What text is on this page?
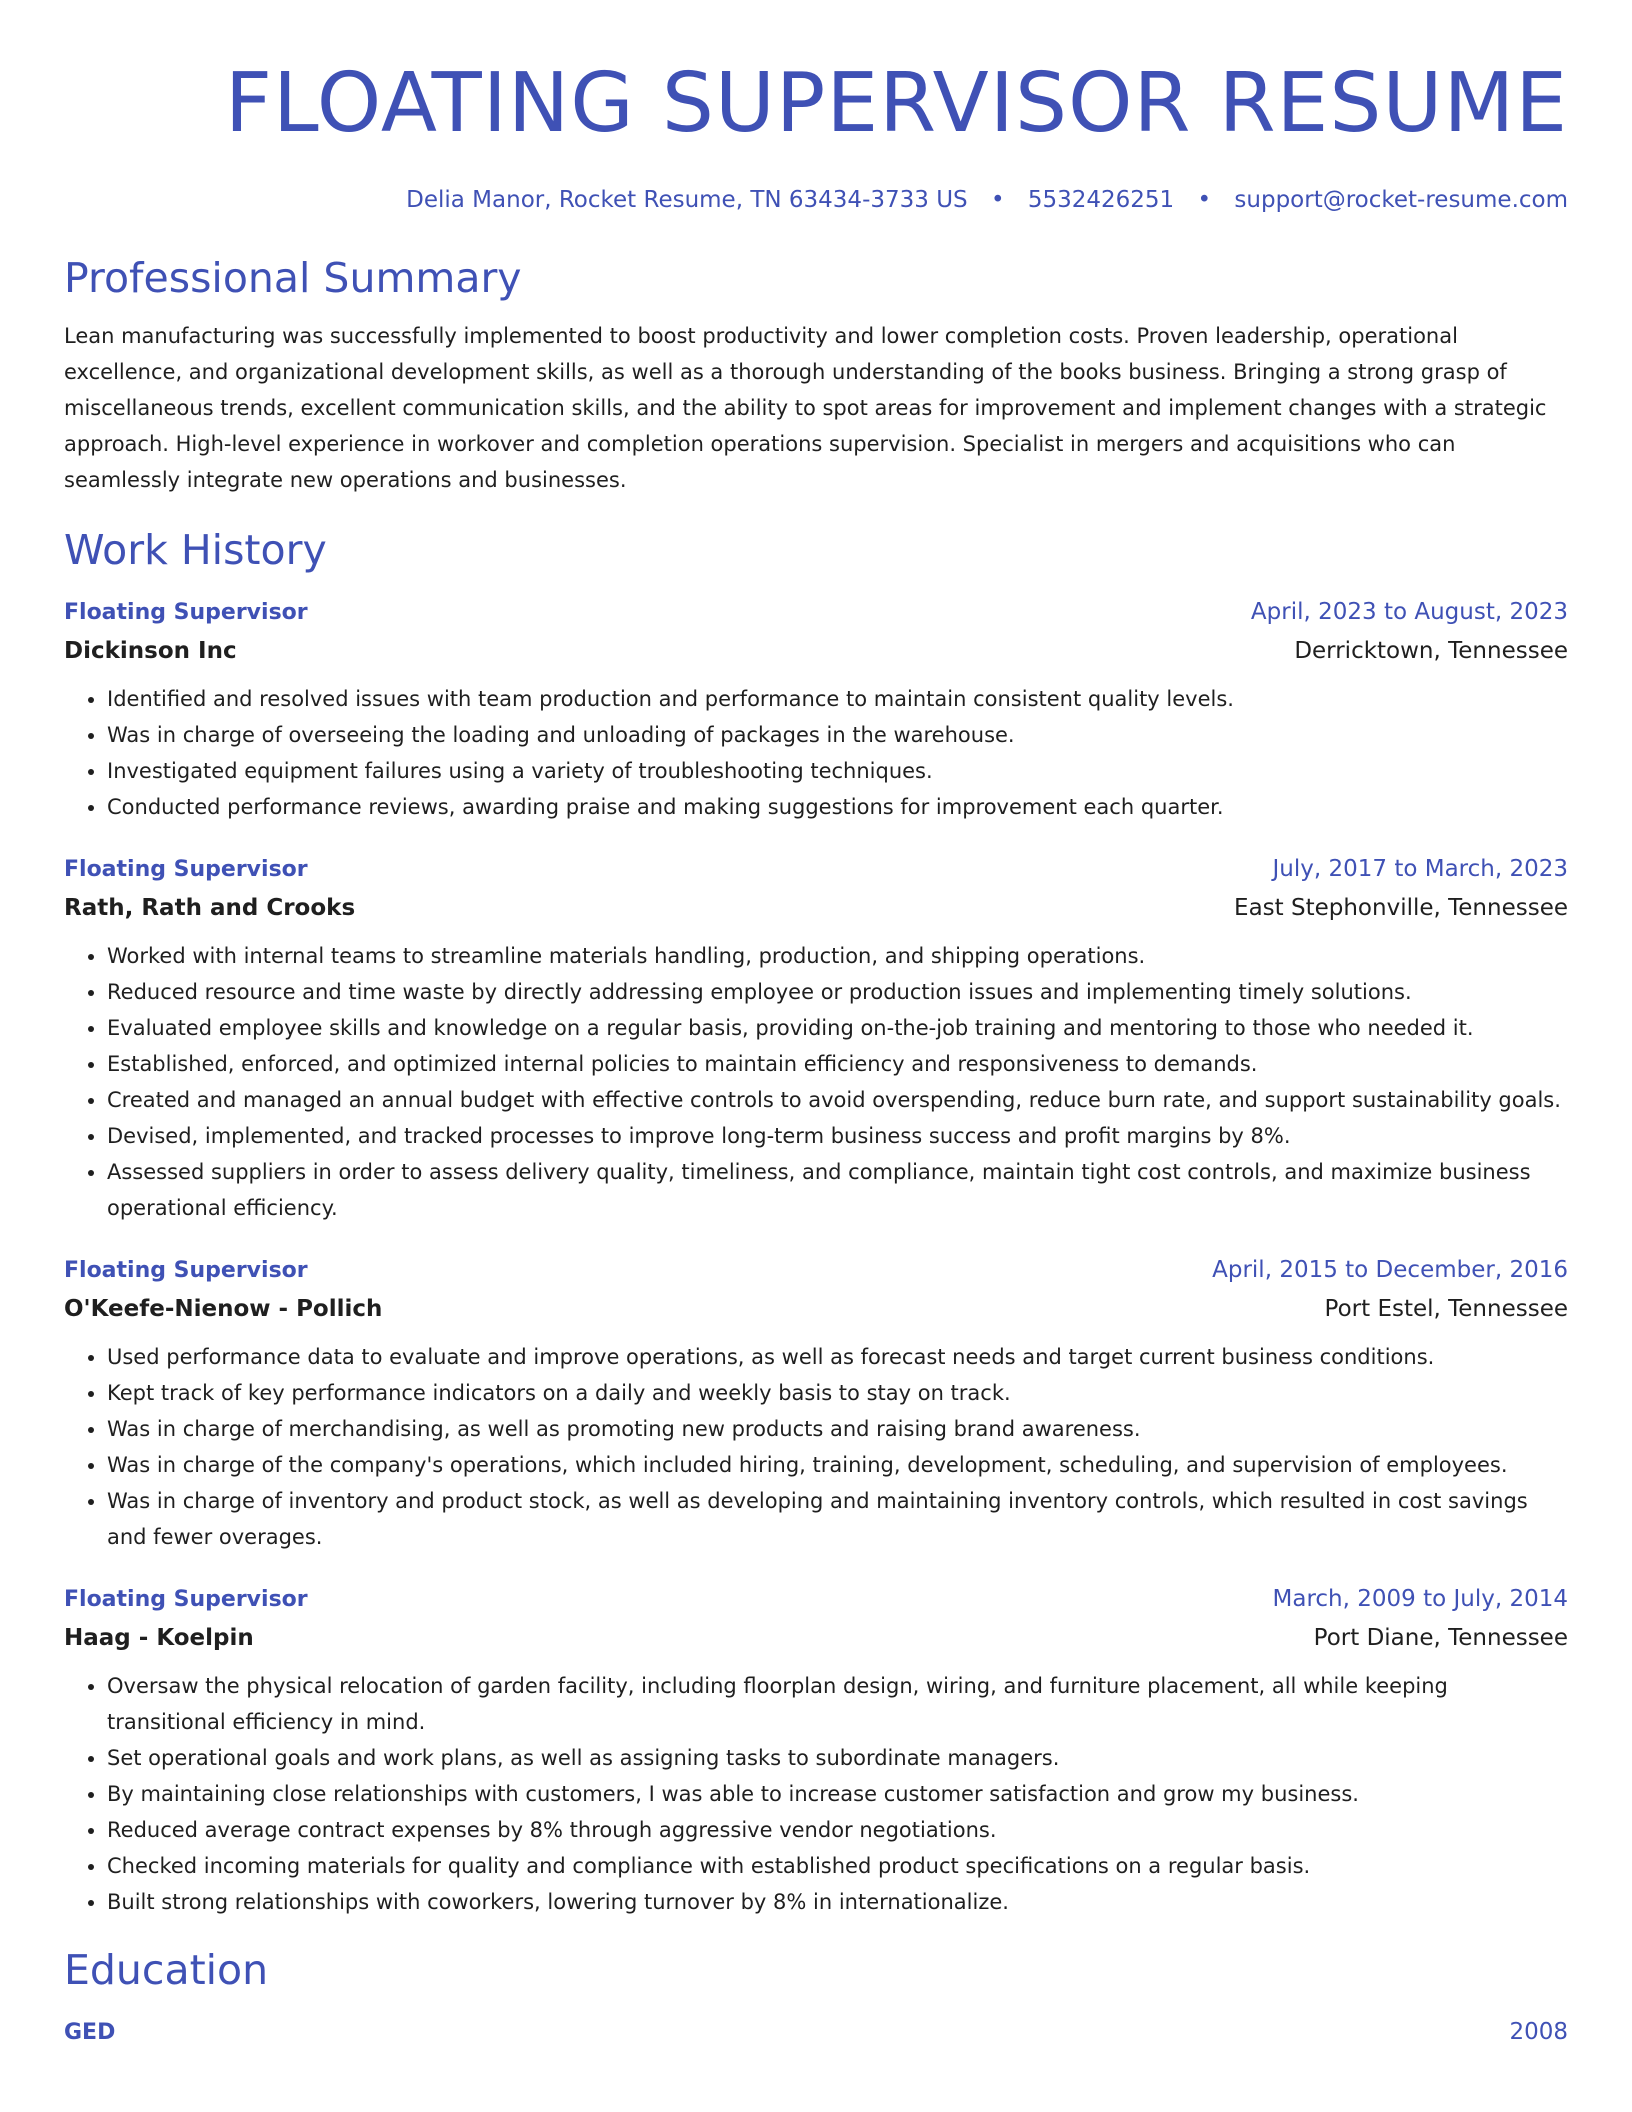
FLOATING SUPERVISOR RESUME
Delia Manor, Rocket Resume, TN 63434-3733 US • 5532426251 • support@rocket-resume.com
Professional Summary
Lean manufacturing was successfully implemented to boost productivity and lower completion costs. Proven leadership, operational excellence, and organizational development skills, as well as a thorough understanding of the books business. Bringing a strong grasp of miscellaneous trends, excellent communication skills, and the ability to spot areas for improvement and implement changes with a strategic approach. High-level experience in workover and completion operations supervision. Specialist in mergers and acquisitions who can seamlessly integrate new operations and businesses.
Work History
Floating Supervisor	April, 2023 to August, 2023
Dickinson Inc	Derricktown, Tennessee
• Identified and resolved issues with team production and performance to maintain consistent quality levels.
• Was in charge of overseeing the loading and unloading of packages in the warehouse.
• Investigated equipment failures using a variety of troubleshooting techniques.
• Conducted performance reviews, awarding praise and making suggestions for improvement each quarter.
Floating Supervisor	July, 2017 to March, 2023
Rath, Rath and Crooks	East Stephonville, Tennessee
• Worked with internal teams to streamline materials handling, production, and shipping operations.
• Reduced resource and time waste by directly addressing employee or production issues and implementing timely solutions.
• Evaluated employee skills and knowledge on a regular basis, providing on-the-job training and mentoring to those who needed it.
• Established, enforced, and optimized internal policies to maintain efficiency and responsiveness to demands.
• Created and managed an annual budget with effective controls to avoid overspending, reduce burn rate, and support sustainability goals.
• Devised, implemented, and tracked processes to improve long-term business success and profit margins by 8%.
• Assessed suppliers in order to assess delivery quality, timeliness, and compliance, maintain tight cost controls, and maximize business operational efficiency.
Floating Supervisor	April, 2015 to December, 2016
O'Keefe-Nienow - Pollich	Port Estel, Tennessee
• Used performance data to evaluate and improve operations, as well as forecast needs and target current business conditions.
• Kept track of key performance indicators on a daily and weekly basis to stay on track.
• Was in charge of merchandising, as well as promoting new products and raising brand awareness.
• Was in charge of the company's operations, which included hiring, training, development, scheduling, and supervision of employees.
• Was in charge of inventory and product stock, as well as developing and maintaining inventory controls, which resulted in cost savings and fewer overages.
Floating Supervisor	March, 2009 to July, 2014
Haag - Koelpin	Port Diane, Tennessee
• Oversaw the physical relocation of garden facility, including floorplan design, wiring, and furniture placement, all while keeping transitional efficiency in mind.
• Set operational goals and work plans, as well as assigning tasks to subordinate managers.
• By maintaining close relationships with customers, I was able to increase customer satisfaction and grow my business.
• Reduced average contract expenses by 8% through aggressive vendor negotiations.
• Checked incoming materials for quality and compliance with established product specifications on a regular basis.
• Built strong relationships with coworkers, lowering turnover by 8% in internationalize.
Education
GED	2008
